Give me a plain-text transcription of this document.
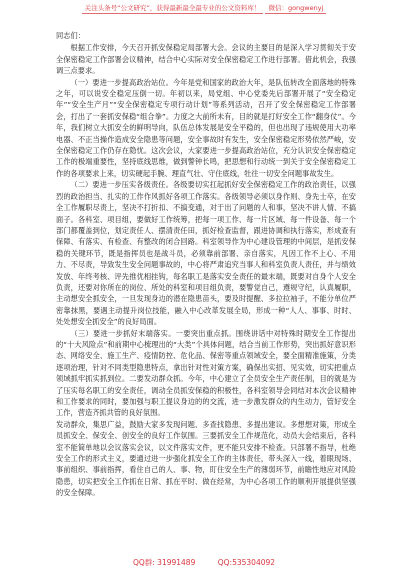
关注头条号“公文研究”，获得最新最全最专业的公文资料库！ 微信：gongwenyj

同志们：

根据工作安排，今天召开抓安保稳定局部署大会。会议的主要目的是深入学习贯彻关于安全保密稳定工作部署会议精神，结合中心实际对安全保密稳定工作进行部署。借此机会，我强调三点要求。

（一）要进一步提高政治站位。今年是党和国家的政治大年，是队伍转改全面落地的特殊之年，可以说安全稳定压倒一切。年初以来，局党组、中心党委先后部署开展了“安全稳定年”“安全生产月”“安全保密稳定专项行动计划”等系列活动，召开了安全保密稳定工作部署会，打出了一套抓安保稳“组合拳”。力度之大前所未有，目的就是打好安全工作“翻身仗”。今年，我们树立大抓安全的鲜明导向，队伍总体发展是安全平稳的，但也出现了违规使用大功率电器、不正当操作造成安全隐患等问题，安全事故时有发生，安全保密稳定形势依然严峻，安全保密稳定工作仍存在隐忧。这次会议，大家要进一步提高政治站位，充分认识安全保密稳定工作的极端重要性，坚持底线思维，做到警钟长鸣，把思想和行动统一到关于安全保密稳定工作的各项要求上来，切实硬起手腕、理直气壮、守住底线，牡往一切安全问题事故发生。

（二）要进一步压实各级责任。各级要切实扛起抓好安全保密稳定工作的政治责任，以强烈的政治担当、扎实的工作作风抓好各项工作落实。各级领导必须以身作则、身先士卒，在安全工作履职尽责上，坚决不打折扣、不搞变通，对于出了问题的人和事，坚决不讲人情、不搞面子。各科室、项目组，要做好工作统筹，把每一项工作、每一片区域、每一件设备、每一个部门都覆盖到位，划定责任人、摆清责任田，抓好检查监督，跟进协调和执行落实，形成查有保障、有落实、有检查、有整改的闭合回路。科室领导作为中心建设管理的中间层，是抓安保稳的关键环节，既是指挥员也是战斗员，必须靠前部署、亲自落实，凡因工作不上心、不用力、不尽责，导致发生安全问题事故的，中心将严肃追究当事人和科室负责人责任，并与绩效发放、年终考核、评先推优相挂钩，每名职工是落实安全责任的最末端，既要对自身个人安全负责，还要对你所在的岗位、所处的科室和项目组负责，要警觉自己，遵规守纪，认真履职，主动想安全抓安全，一旦发现身边的潜在隐患苗头，要及时提醒、多拉拉袖子，不能分单位严密靠抹黑，要遇主动提升岗位技能，融入中心改革发展全局，形成一种“人人、事事、时时、处处想安全抓安全”的良好局面。

（三）要进一步抓好末端落实。一要突出重点抓。围绕讲话中对特殊时期安全工作提出的“十大风险点”和前期中心梳理出的“大类”个具体问题，结合当前工作形势，突出抓好意识形态、网络安全、施工生产、疫情防控、危化品、保密等重点领域安全，要全面精准施策，分类逐项治理，针对不同类型隐患特点，拿出针对性对策方案，确保出实招、见实效，切实把重点领域抓牢抓实抓到位。二要发动群众抓。今年，中心建立了全员安全生产责任制，目的就是为了压实每名职工的安全责任，调动全员抓安保稳的积极性，各科室领导会同结对本次会议精神和工作要求的同时，要加强与职工提议身边的的交流，进一步激发群众的内生动力，管好安全工作，营造齐抓共管的良好氛围。

发动群众，集思广益，鼓励大家多发现问题、多查找隐患、多提出建议。多想想对策，形成全员抓安全、保安全、创安全的良好工作氛围。三要抓安全工作规范化，动员大会结束后，各科室不能简单地以会议落实会议，以文件落实文件，更不能只安排不检查。只部署不指导，杜绝安全工作的形式主义，要通过进一步强化抓安全工作的主体责任，带头深入一线，着眼现场、事前组织、事前指挥，看住自己的人、事、物，盯住安全生产的薄弱环节，前瞻性地应对风险隐患，切实把安全工作抓在日常、抓在平时、做在经常，为中心各项工作的顺利开展提供坚强的安全保障。

QQ群: 31991489	QQ:535304092
